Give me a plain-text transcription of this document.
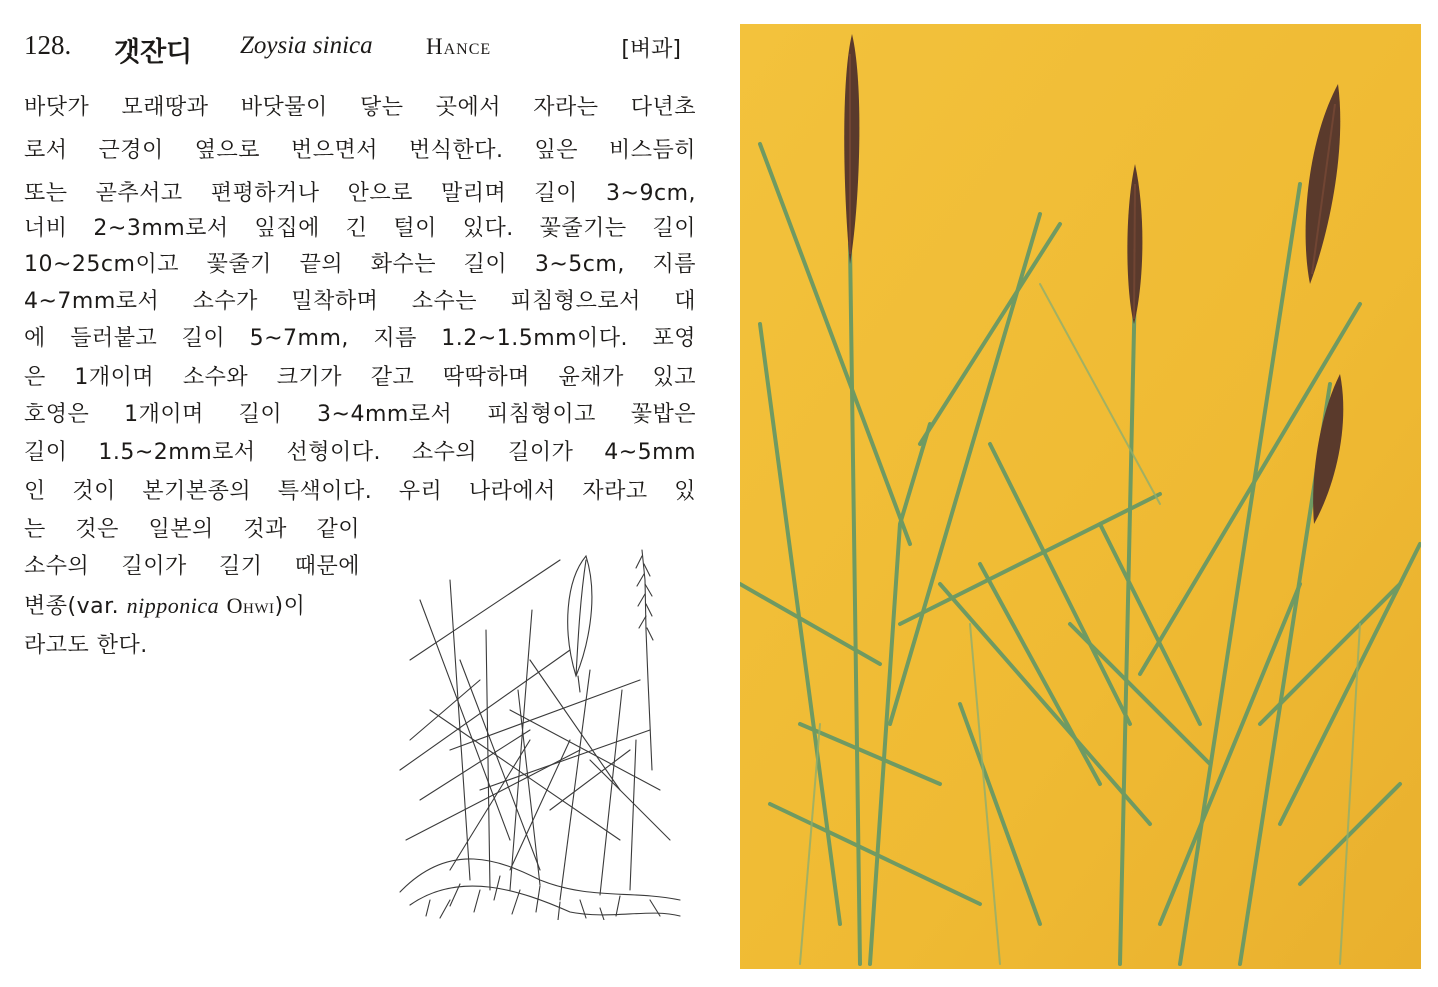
128. 갯잔디 Zoysia sinica Hance	[벼과]
바닷가 모래땅과 바닷물이 닿는 곳에서 자라는 다년초
로서 근경이 옆으로 번으면서 번식한다. 잎은 비스듬히
또는 곧추서고 편평하거나 안으로 말리며 길이 3~9cm,
너비 2~3mm로서 잎집에 긴 털이 있다. 꽃줄기는 길이
10~25cm이고 꽃줄기 끝의 화수는 길이 3~5cm, 지름
4~7mm로서 소수가 밀착하며 소수는 피침형으로서 대
에 들러붙고 길이 5~7mm, 지름 1.2~1.5mm이다. 포영
은 1개이며 소수와 크기가 같고 딱딱하며 윤채가 있고
호영은 1개이며 길이 3~4mm로서 피침형이고 꽃밥은
길이 1.5~2mm로서 선형이다. 소수의 길이가 4~5mm
인 것이 본기본종의 특색이다. 우리 나라에서 자라고 있
는 것은 일본의 것과 같이
소수의 길이가 길기 때문에
변종(var. nipponica Ohwi)이
라고도 한다.
